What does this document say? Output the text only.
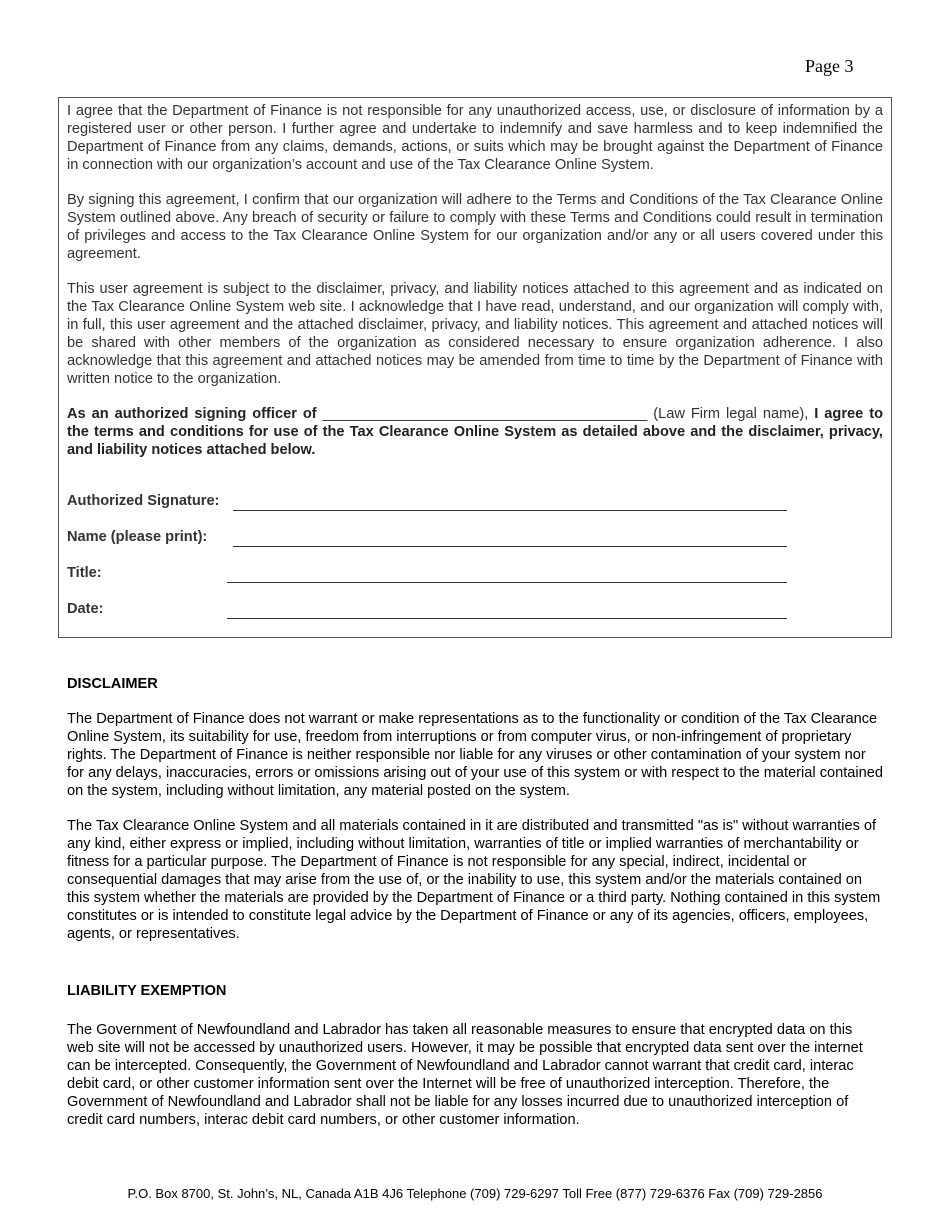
Page 3

I agree that the Department of Finance is not responsible for any unauthorized access, use, or disclosure of information by a registered user or other person. I further agree and undertake to indemnify and save harmless and to keep indemnified the Department of Finance from any claims, demands, actions, or suits which may be brought against the Department of Finance in connection with our organization’s account and use of the Tax Clearance Online System.

By signing this agreement, I confirm that our organization will adhere to the Terms and Conditions of the Tax Clearance Online System outlined above. Any breach of security or failure to comply with these Terms and Conditions could result in termination of privileges and access to the Tax Clearance Online System for our organization and/or any or all users covered under this agreement.

This user agreement is subject to the disclaimer, privacy, and liability notices attached to this agreement and as indicated on the Tax Clearance Online System web site. I acknowledge that I have read, understand, and our organization will comply with, in full, this user agreement and the attached disclaimer, privacy, and liability notices. This agreement and attached notices will be shared with other members of the organization as considered necessary to ensure organization adherence. I also acknowledge that this agreement and attached notices may be amended from time to time by the Department of Finance with written notice to the organization.

As an authorized signing officer of ________________________________________ (Law Firm legal name), I agree to the terms and conditions for use of the Tax Clearance Online System as detailed above and the disclaimer, privacy, and liability notices attached below.

Authorized Signature:
Name (please print):
Title:
Date:

DISCLAIMER

The Department of Finance does not warrant or make representations as to the functionality or condition of the Tax Clearance Online System, its suitability for use, freedom from interruptions or from computer virus, or non-infringement of proprietary rights. The Department of Finance is neither responsible nor liable for any viruses or other contamination of your system nor for any delays, inaccuracies, errors or omissions arising out of your use of this system or with respect to the material contained on the system, including without limitation, any material posted on the system.

The Tax Clearance Online System and all materials contained in it are distributed and transmitted "as is" without warranties of any kind, either express or implied, including without limitation, warranties of title or implied warranties of merchantability or fitness for a particular purpose. The Department of Finance is not responsible for any special, indirect, incidental or consequential damages that may arise from the use of, or the inability to use, this system and/or the materials contained on this system whether the materials are provided by the Department of Finance or a third party. Nothing contained in this system constitutes or is intended to constitute legal advice by the Department of Finance or any of its agencies, officers, employees, agents, or representatives.

LIABILITY EXEMPTION

The Government of Newfoundland and Labrador has taken all reasonable measures to ensure that encrypted data on this web site will not be accessed by unauthorized users. However, it may be possible that encrypted data sent over the internet can be intercepted. Consequently, the Government of Newfoundland and Labrador cannot warrant that credit card, interac debit card, or other customer information sent over the Internet will be free of unauthorized interception. Therefore, the Government of Newfoundland and Labrador shall not be liable for any losses incurred due to unauthorized interception of credit card numbers, interac debit card numbers, or other customer information.

P.O. Box 8700, St. John’s, NL, Canada A1B 4J6 Telephone (709) 729-6297 Toll Free (877) 729-6376 Fax (709) 729-2856
